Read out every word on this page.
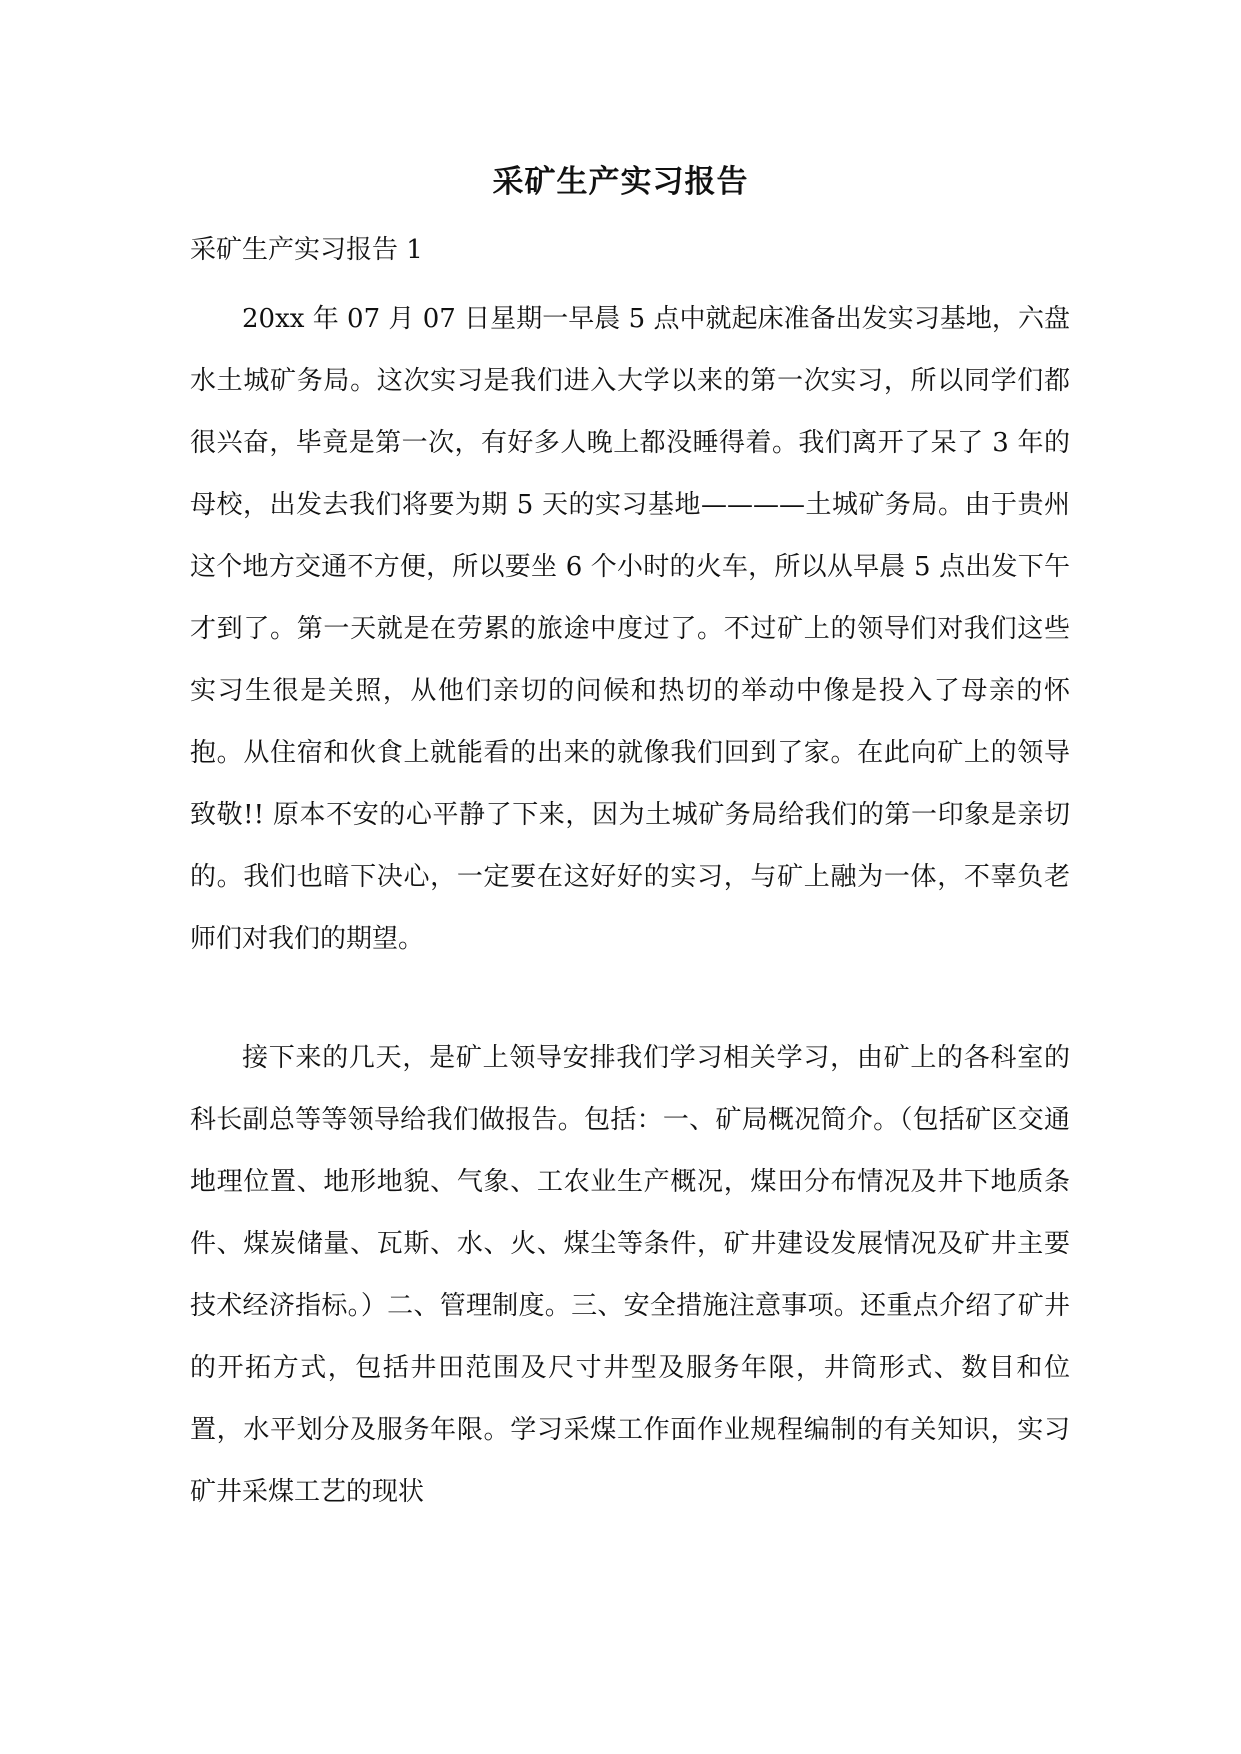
采矿生产实习报告
采矿生产实习报告 1

20xx 年 07 月 07 日星期一早晨 5 点中就起床准备出发实习基地，六盘水土城矿务局。这次实习是我们进入大学以来的第一次实习，所以同学们都很兴奋，毕竟是第一次，有好多人晚上都没睡得着。我们离开了呆了 3 年的母校，出发去我们将要为期 5 天的实习基地————土城矿务局。由于贵州这个地方交通不方便，所以要坐 6 个小时的火车，所以从早晨 5 点出发下午才到了。第一天就是在劳累的旅途中度过了。不过矿上的领导们对我们这些实习生很是关照，从他们亲切的问候和热切的举动中像是投入了母亲的怀抱。从住宿和伙食上就能看的出来的就像我们回到了家。在此向矿上的领导致敬!! 原本不安的心平静了下来，因为土城矿务局给我们的第一印象是亲切的。我们也暗下决心，一定要在这好好的实习，与矿上融为一体，不辜负老师们对我们的期望。

接下来的几天，是矿上领导安排我们学习相关学习，由矿上的各科室的科长副总等等领导给我们做报告。包括：一、矿局概况简介。（包括矿区交通地理位置、地形地貌、气象、工农业生产概况，煤田分布情况及井下地质条件、煤炭储量、瓦斯、水、火、煤尘等条件，矿井建设发展情况及矿井主要技术经济指标。）二、管理制度。三、安全措施注意事项。还重点介绍了矿井的开拓方式，包括井田范围及尺寸井型及服务年限，井筒形式、数目和位置，水平划分及服务年限。学习采煤工作面作业规程编制的有关知识，实习矿井采煤工艺的现状
